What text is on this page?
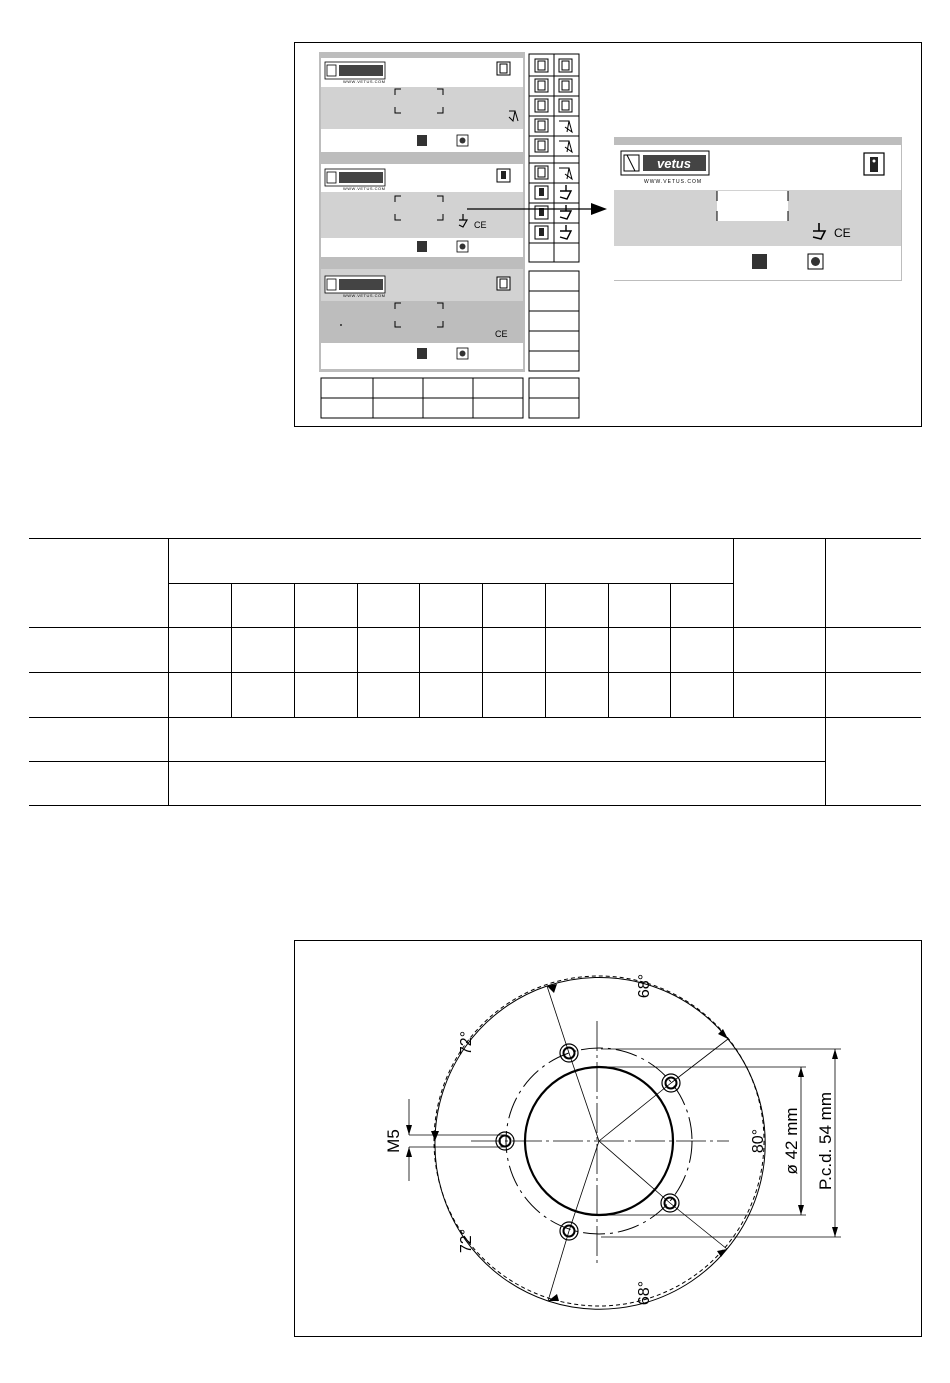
WWW.VETUS.COM
WWW.VETUS.COM
CE
WWW.VETUS.COM
CE
vetus
WWW.VETUS.COM
CE
M5	ø 42 mm P.c.d. 54 mm
72°
72°
68°
68°
80°
